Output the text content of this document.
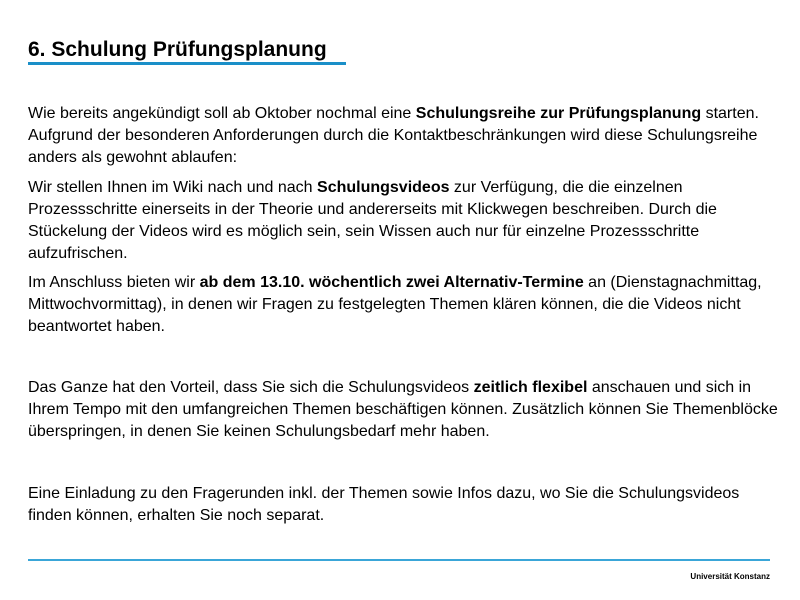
6. Schulung Prüfungsplanung

Wie bereits angekündigt soll ab Oktober nochmal eine Schulungsreihe zur Prüfungsplanung starten. Aufgrund der besonderen Anforderungen durch die Kontaktbeschränkungen wird diese Schulungsreihe anders als gewohnt ablaufen:

Wir stellen Ihnen im Wiki nach und nach Schulungsvideos zur Verfügung, die die einzelnen Prozessschritte einerseits in der Theorie und andererseits mit Klickwegen beschreiben. Durch die Stückelung der Videos wird es möglich sein, sein Wissen auch nur für einzelne Prozessschritte aufzufrischen.

Im Anschluss bieten wir ab dem 13.10. wöchentlich zwei Alternativ-Termine an (Dienstagnachmittag, Mittwochvormittag), in denen wir Fragen zu festgelegten Themen klären können, die die Videos nicht beantwortet haben.

Das Ganze hat den Vorteil, dass Sie sich die Schulungsvideos zeitlich flexibel anschauen und sich in Ihrem Tempo mit den umfangreichen Themen beschäftigen können. Zusätzlich können Sie Themenblöcke überspringen, in denen Sie keinen Schulungsbedarf mehr haben.

Eine Einladung zu den Fragerunden inkl. der Themen sowie Infos dazu, wo Sie die Schulungsvideos finden können, erhalten Sie noch separat.

Universität Konstanz
